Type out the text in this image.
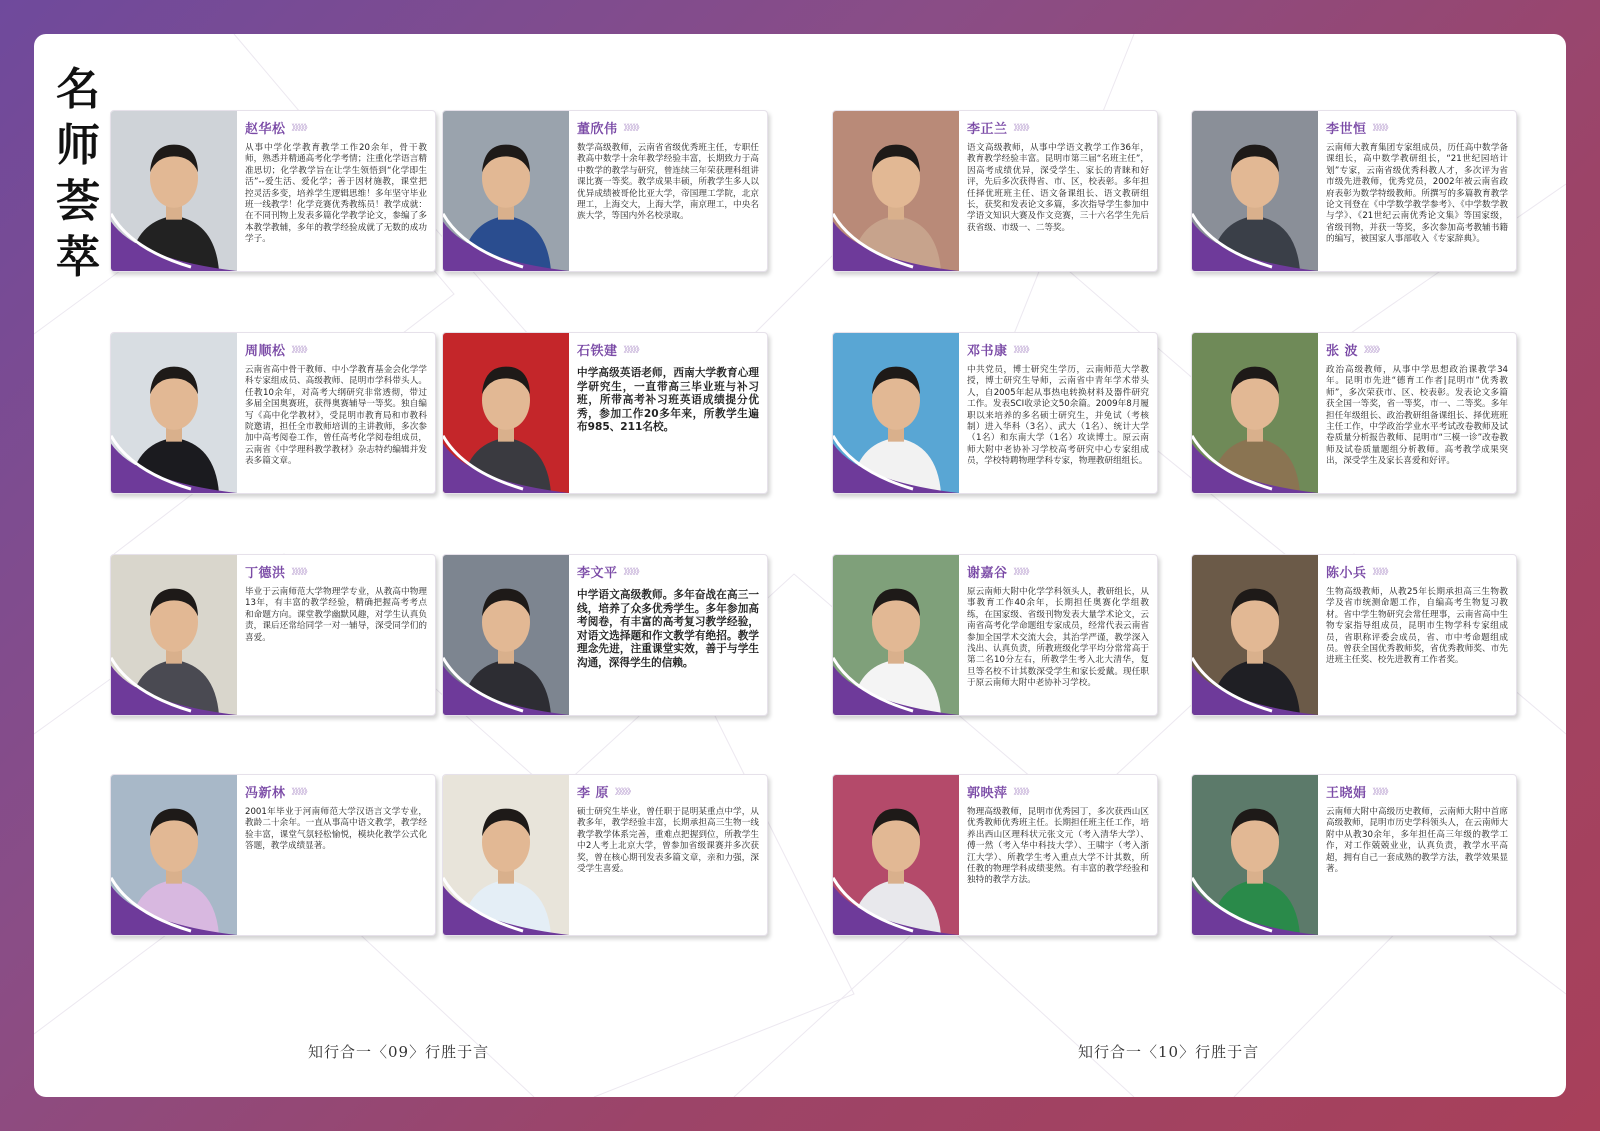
名
师
荟
萃
赵华松 》》》》》
从事中学化学教育教学工作20余年，骨干教师，熟悉并精通高考化学考情；注重化学语言精准思切；化学教学旨在让学生领悟到“化学即生活”--爱生活、爱化学；善于因材施教，课堂把控灵活多变，培养学生逻辑思维！多年坚守毕业班一线教学！化学竞赛优秀教练员！教学成就：在不同刊物上发表多篇化学教学论文，参编了多本教学教辅，多年的教学经验成就了无数的成功学子。
董欣伟 》》》》》
数学高级教师，云南省省级优秀班主任，专职任教高中数学十余年教学经验丰富，长期致力于高中数学的教学与研究，曾连续三年荣获理科组讲课比赛一等奖。教学成果丰硕，所教学生多人以优异成绩被哥伦比亚大学，帝国理工学院，北京理工，上海交大，上海大学，南京理工，中央名族大学，等国内外名校录取。
李正兰 》》》》》
语文高级教师，从事中学语文教学工作36年，教育教学经验丰富。昆明市第三届“名班主任”，因高考成绩优异，深受学生、家长的青睐和好评，先后多次获得省、市、区，校表彰。多年担任择优班班主任、语文备课组长、语文教研组长，获奖和发表论文多篇，多次指导学生参加中学语文知识大赛及作文竞赛，三十六名学生先后获省级、市级一、二等奖。
李世恒 》》》》》
云南师大教育集团专家组成员，历任高中数学备课组长，高中数学教研组长，“21世纪园培计划”专家，云南省级优秀科教人才，多次评为省市级先进教师，优秀党员，2002年被云南省政府表彰为数学特级教师。所撰写的多篇教育教学论文刊登在《中学数学教学参考》、《中学数学教与学》、《21世纪云南优秀论文集》等国家级，省级刊物，并获一等奖，多次参加高考教辅书籍的编写，被国家人事部收入《专家辞典》。
周顺松 》》》》》
云南省高中骨干教师、中小学教育基金会化学学科专家组成员、高级教师、昆明市学科带头人。任教10余年，对高考大纲研究非常透彻，带过多届全国奥赛班，获得奥赛辅导一等奖。独自编写《高中化学教材》，受昆明市教育局和市教科院邀请，担任全市教师培训的主讲教师，多次参加中高考阅卷工作，曾任高考化学阅卷组成员，云南省《中学理科教学教材》杂志特约编辑并发表多篇文章。
石铁建 》》》》》
中学高级英语老师，西南大学教育心理学研究生，一直带高三毕业班与补习班，所带高考补习班英语成绩提分优秀，参加工作20多年来，所教学生遍布985、211名校。
邓书康 》》》》》
中共党员，博士研究生学历，云南师范大学教授，博士研究生导师，云南省中青年学术带头人，自2005年起从事热电转换材料及器件研究工作。发表SCI收录论文50余篇。2009年8月履职以来培养的多名硕士研究生，并免试（考核制）进入华科（3名）、武大（1名）、统计大学（1名）和东南大学（1名）攻读博士。原云南师大附中老协补习学校高考研究中心专家组成员，学校特聘物理学科专家，物理教研组组长。
张 波 》》》》》
政治高级教师，从事中学思想政治课教学34年。昆明市先进“德育工作者|昆明市”优秀教师”，多次荣获市、区、校表彰。发表论文多篇获全国一等奖，省一等奖，市一、二等奖。多年担任年级组长、政治教研组备课组长、择优班班主任工作，中学政治学业水平考试改卷教师及试卷质量分析报告教师、昆明市“三模一诊”改卷教师及试卷质量题组分析教师。高考教学成果突出，深受学生及家长喜爱和好评。
丁德洪 》》》》》
毕业于云南师范大学物理学专业，从教高中物理13年，有丰富的教学经验，精确把握高考考点和命题方向。课堂教学幽默风趣，对学生认真负责，课后还常给同学一对一辅导，深受同学们的喜爱。
李文平 》》》》》
中学语文高级教师。多年奋战在高三一线，培养了众多优秀学生。多年参加高考阅卷，有丰富的高考复习教学经验，对语文选择题和作文教学有绝招。教学理念先进，注重课堂实效，善于与学生沟通，深得学生的信赖。
谢嘉谷 》》》》》
原云南师大附中化学学科领头人，教研组长，从事教育工作40余年，长期担任奥赛化学组教练，在国家级、省级刊物发表大量学术论文，云南省高考化学命题组专家成员，经常代表云南省参加全国学术交流大会，其治学严谨，教学深入浅出、认真负责，所教班级化学平均分常常高于第二名10分左右，所教学生考入北大清华，复旦等名校不计其数深受学生和家长爱戴。现任职于原云南师大附中老协补习学校。
陈小兵 》》》》》
生物高级教师，从教25年长期承担高三生物教学及省市统测命题工作，自编高考生物复习教材。省中学生物研究会常任理事，云南省高中生物专家指导组成员，昆明市生物学科专家组成员，省职称评委会成员，省、市中考命题组成员。曾获全国优秀教师奖，省优秀教师奖、市先进班主任奖、校先进教育工作者奖。
冯新林 》》》》》
2001年毕业于河南师范大学汉语言文学专业，教龄二十余年。一直从事高中语文教学，教学经验丰富，课堂气氛轻松愉悦，模块化教学公式化答题，教学成绩显著。
李 原 》》》》》
硕士研究生毕业，曾任职于昆明某重点中学，从教多年，教学经验丰富，长期承担高三生物一线教学教学体系完善，重难点把握到位，所教学生中2人考上北京大学，曾参加省级课赛并多次获奖，曾在核心期刊发表多篇文章，亲和力强，深受学生喜爱。
郭映萍 》》》》》
物理高级教师，昆明市优秀园丁，多次获西山区优秀教师优秀班主任。长期担任班主任工作，培养出西山区理科状元张文元（考入清华大学）、傅一然（考入华中科技大学）、王啸宇（考入浙江大学）、所教学生考入重点大学不计其数，所任教的物理学科成绩斐然。有丰富的教学经验和独特的教学方法。
王晓娟 》》》》》
云南师大附中高级历史教师，云南师大附中首席高级教师，昆明市历史学科领头人，在云南师大附中从教30余年，多年担任高三年级的教学工作，对工作兢兢业业，认真负责，教学水平高超，拥有自己一套成熟的教学方法，教学效果显著。
知行合一〈09〉行胜于言	知行合一〈10〉行胜于言
